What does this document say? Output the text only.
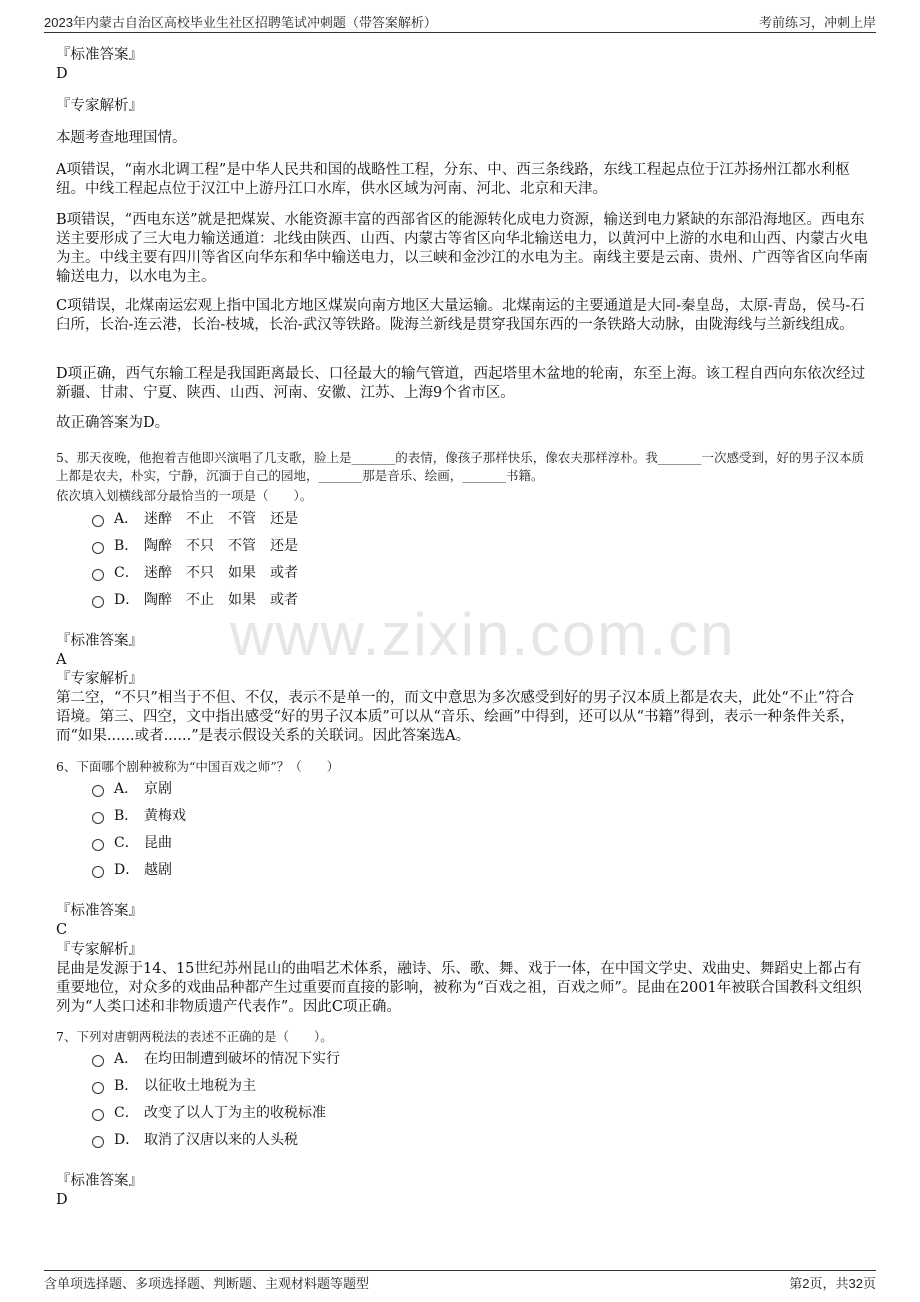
2023年内蒙古自治区高校毕业生社区招聘笔试冲刺题（带答案解析）	考前练习，冲刺上岸
www.zixin.com.cn
『标准答案』
D
『专家解析』

本题考查地理国情。

A项错误，“南水北调工程”是中华人民共和国的战略性工程，分东、中、西三条线路，东线工程起点位于江苏扬州江都水利枢纽。中线工程起点位于汉江中上游丹江口水库，供水区域为河南、河北、北京和天津。

B项错误，“西电东送”就是把煤炭、水能资源丰富的西部省区的能源转化成电力资源，输送到电力紧缺的东部沿海地区。西电东送主要形成了三大电力输送通道：北线由陕西、山西、内蒙古等省区向华北输送电力，以黄河中上游的水电和山西、内蒙古火电为主。中线主要有四川等省区向华东和华中输送电力，以三峡和金沙江的水电为主。南线主要是云南、贵州、广西等省区向华南输送电力，以水电为主。

C项错误，北煤南运宏观上指中国北方地区煤炭向南方地区大量运输。北煤南运的主要通道是大同-秦皇岛，太原-青岛，侯马-石臼所，长治-连云港，长治-枝城，长治-武汉等铁路。陇海兰新线是贯穿我国东西的一条铁路大动脉，由陇海线与兰新线组成。

D项正确，西气东输工程是我国距离最长、口径最大的输气管道，西起塔里木盆地的轮南，东至上海。该工程自西向东依次经过新疆、甘肃、宁夏、陕西、山西、河南、安徽、江苏、上海9个省市区。

故正确答案为D。

5、那天夜晚，他抱着吉他即兴演唱了几支歌，脸上是_______的表情，像孩子那样快乐，像农夫那样淳朴。我_______一次感受到，好的男子汉本质上都是农夫，朴实，宁静，沉湎于自己的园地，_______那是音乐、绘画，_______书籍。
依次填入划横线部分最恰当的一项是（　　）。
A． 迷醉　不止　不管　还是
B． 陶醉　不只　不管　还是
C． 迷醉　不只　如果　或者
D． 陶醉　不止　如果　或者
『标准答案』
A
『专家解析』

第二空，“不只”相当于不但、不仅，表示不是单一的，而文中意思为多次感受到好的男子汉本质上都是农夫，此处“不止”符合语境。第三、四空，文中指出感受“好的男子汉本质”可以从“音乐、绘画”中得到，还可以从“书籍”得到，表示一种条件关系，而“如果......或者......”是表示假设关系的关联词。因此答案选A。

6、下面哪个剧种被称为“中国百戏之师”？（　　）
A． 京剧
B． 黄梅戏
C． 昆曲
D． 越剧
『标准答案』
C
『专家解析』

昆曲是发源于14、15世纪苏州昆山的曲唱艺术体系，融诗、乐、歌、舞、戏于一体，在中国文学史、戏曲史、舞蹈史上都占有重要地位，对众多的戏曲品种都产生过重要而直接的影响，被称为“百戏之祖，百戏之师”。昆曲在2001年被联合国教科文组织列为“人类口述和非物质遗产代表作”。因此C项正确。

7、下列对唐朝两税法的表述不正确的是（　　）。
A． 在均田制遭到破坏的情况下实行
B． 以征收土地税为主
C． 改变了以人丁为主的收税标准
D． 取消了汉唐以来的人头税
『标准答案』
D
含单项选择题、多项选择题、判断题、主观材料题等题型	第2页，共32页
